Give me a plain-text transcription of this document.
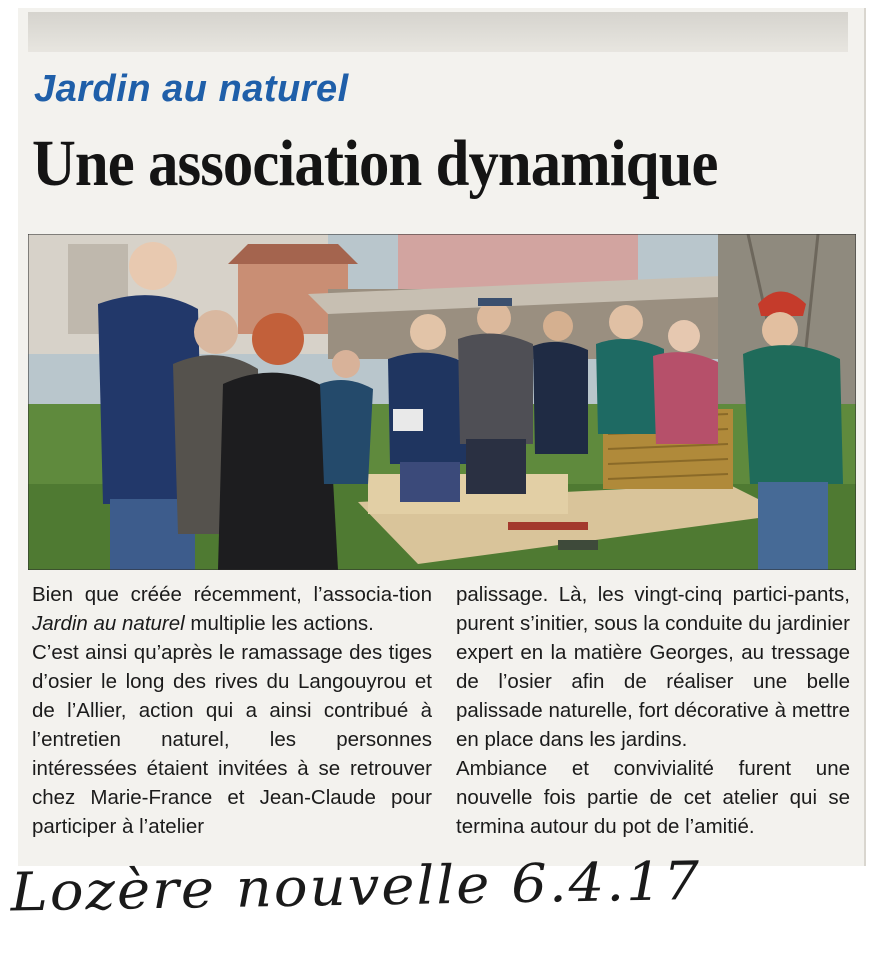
Jardin au naturel
Une association dynamique

Bien que créée récemment, l’associa-tion Jardin au naturel multiplie les actions.

C’est ainsi qu’après le ramassage des tiges d’osier le long des rives du Langouyrou et de l’Allier, action qui a ainsi contribué à l’entretien naturel, les personnes intéressées étaient invitées à se retrouver chez Marie-France et Jean-Claude pour participer à l’atelier

palissage. Là, les vingt-cinq partici-pants, purent s’initier, sous la conduite du jardinier expert en la matière Georges, au tressage de l’osier afin de réaliser une belle palissade naturelle, fort décorative à mettre en place dans les jardins.

Ambiance et convivialité furent une nouvelle fois partie de cet atelier qui se termina autour du pot de l’amitié.

Lozère nouvelle 6.4.17
